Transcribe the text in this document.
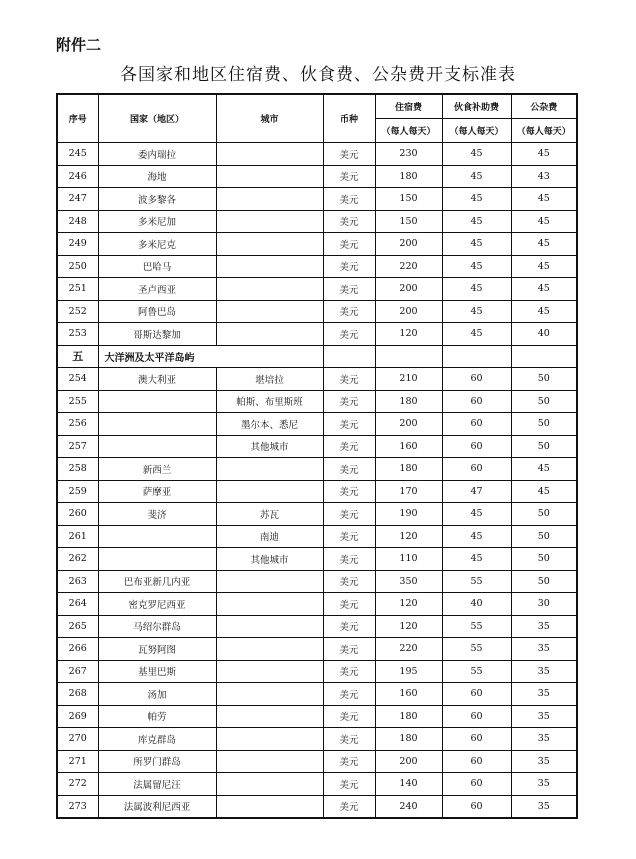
附件二
各国家和地区住宿费、伙食费、公杂费开支标准表
序号	国家（地区）	城市	币种	住宿费	伙食补助费	公杂费
				（每人每天）	（每人每天）	（每人每天）
245	委内瑞拉		美元	230	45	45
246	海地		美元	180	45	43
247	波多黎各		美元	150	45	45
248	多米尼加		美元	150	45	45
249	多米尼克		美元	200	45	45
250	巴哈马		美元	220	45	45
251	圣卢西亚		美元	200	45	45
252	阿鲁巴岛		美元	200	45	45
253	哥斯达黎加		美元	120	45	40
五	大洋洲及太平洋岛屿					
254	澳大利亚	堪培拉	美元	210	60	50
255		帕斯、布里斯班	美元	180	60	50
256		墨尔本、悉尼	美元	200	60	50
257		其他城市	美元	160	60	50
258	新西兰		美元	180	60	45
259	萨摩亚		美元	170	47	45
260	斐济	苏瓦	美元	190	45	50
261		南迪	美元	120	45	50
262		其他城市	美元	110	45	50
263	巴布亚新几内亚		美元	350	55	50
264	密克罗尼西亚		美元	120	40	30
265	马绍尔群岛		美元	120	55	35
266	瓦努阿图		美元	220	55	35
267	基里巴斯		美元	195	55	35
268	汤加		美元	160	60	35
269	帕劳		美元	180	60	35
270	库克群岛		美元	180	60	35
271	所罗门群岛		美元	200	60	35
272	法属留尼汪		美元	140	60	35
273	法属波利尼西亚		美元	240	60	35
